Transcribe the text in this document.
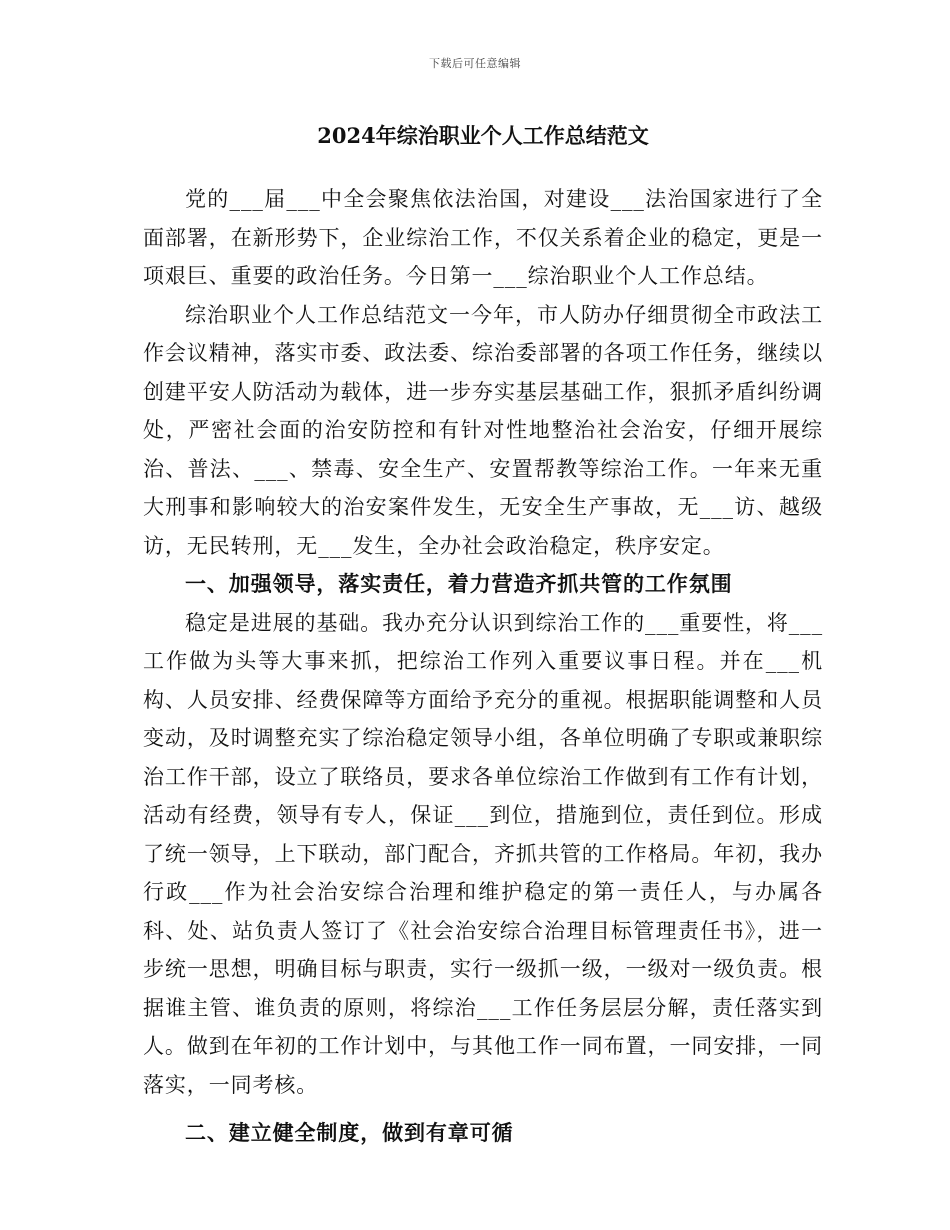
下载后可任意编辑
2024年综治职业个人工作总结范文

党的___届___中全会聚焦依法治国，对建设___法治国家进行了全面部署，在新形势下，企业综治工作，不仅关系着企业的稳定，更是一项艰巨、重要的政治任务。今日第一___综治职业个人工作总结。

综治职业个人工作总结范文一今年，市人防办仔细贯彻全市政法工作会议精神，落实市委、政法委、综治委部署的各项工作任务，继续以创建平安人防活动为载体，进一步夯实基层基础工作，狠抓矛盾纠纷调处，严密社会面的治安防控和有针对性地整治社会治安，仔细开展综治、普法、___、禁毒、安全生产、安置帮教等综治工作。一年来无重大刑事和影响较大的治安案件发生，无安全生产事故，无___访、越级访，无民转刑，无___发生，全办社会政治稳定，秩序安定。

一、加强领导，落实责任，着力营造齐抓共管的工作氛围

稳定是进展的基础。我办充分认识到综治工作的___重要性，将___工作做为头等大事来抓，把综治工作列入重要议事日程。并在___机构、人员安排、经费保障等方面给予充分的重视。根据职能调整和人员变动，及时调整充实了综治稳定领导小组，各单位明确了专职或兼职综治工作干部，设立了联络员，要求各单位综治工作做到有工作有计划，活动有经费，领导有专人，保证___到位，措施到位，责任到位。形成了统一领导，上下联动，部门配合，齐抓共管的工作格局。年初，我办行政___作为社会治安综合治理和维护稳定的第一责任人，与办属各科、处、站负责人签订了《社会治安综合治理目标管理责任书》，进一步统一思想，明确目标与职责，实行一级抓一级，一级对一级负责。根据谁主管、谁负责的原则，将综治___工作任务层层分解，责任落实到人。做到在年初的工作计划中，与其他工作一同布置，一同安排，一同落实，一同考核。

二、建立健全制度，做到有章可循
